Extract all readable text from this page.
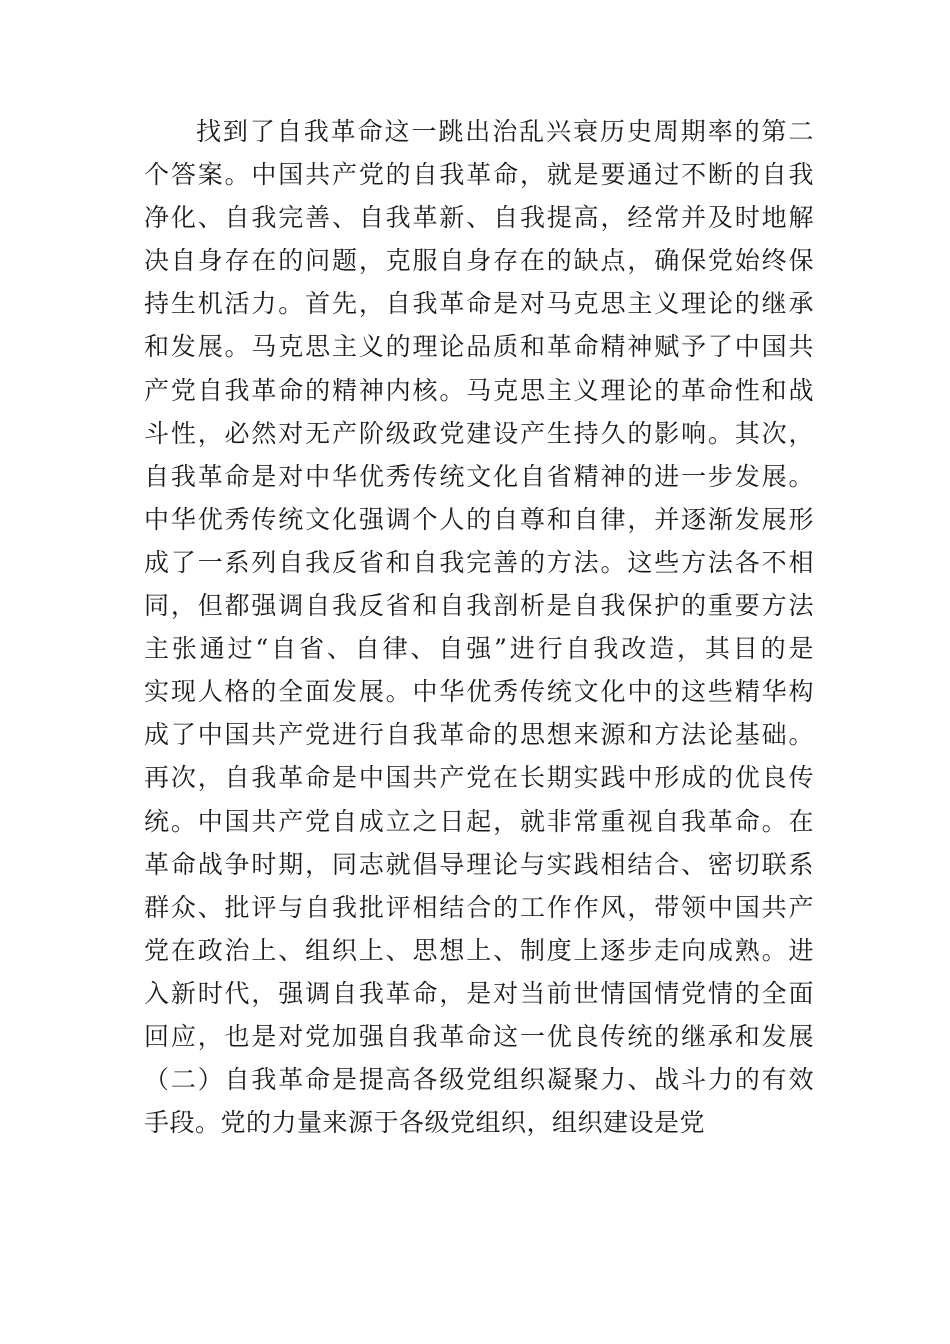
找到了自我革命这一跳出治乱兴衰历史周期率的第二
个答案。中国共产党的自我革命，就是要通过不断的自我
净化、自我完善、自我革新、自我提高，经常并及时地解
决自身存在的问题，克服自身存在的缺点，确保党始终保
持生机活力。首先，自我革命是对马克思主义理论的继承
和发展。马克思主义的理论品质和革命精神赋予了中国共
产党自我革命的精神内核。马克思主义理论的革命性和战
斗性，必然对无产阶级政党建设产生持久的影响。其次，
自我革命是对中华优秀传统文化自省精神的进一步发展。
中华优秀传统文化强调个人的自尊和自律，并逐渐发展形
成了一系列自我反省和自我完善的方法。这些方法各不相
同，但都强调自我反省和自我剖析是自我保护的重要方法
主张通过“自省、自律、自强”进行自我改造，其目的是
实现人格的全面发展。中华优秀传统文化中的这些精华构
成了中国共产党进行自我革命的思想来源和方法论基础。
再次，自我革命是中国共产党在长期实践中形成的优良传
统。中国共产党自成立之日起，就非常重视自我革命。在
革命战争时期，同志就倡导理论与实践相结合、密切联系
群众、批评与自我批评相结合的工作作风，带领中国共产
党在政治上、组织上、思想上、制度上逐步走向成熟。进
入新时代，强调自我革命，是对当前世情国情党情的全面
回应，也是对党加强自我革命这一优良传统的继承和发展
（二）自我革命是提高各级党组织凝聚力、战斗力的有效
手段。党的力量来源于各级党组织，组织建设是党
